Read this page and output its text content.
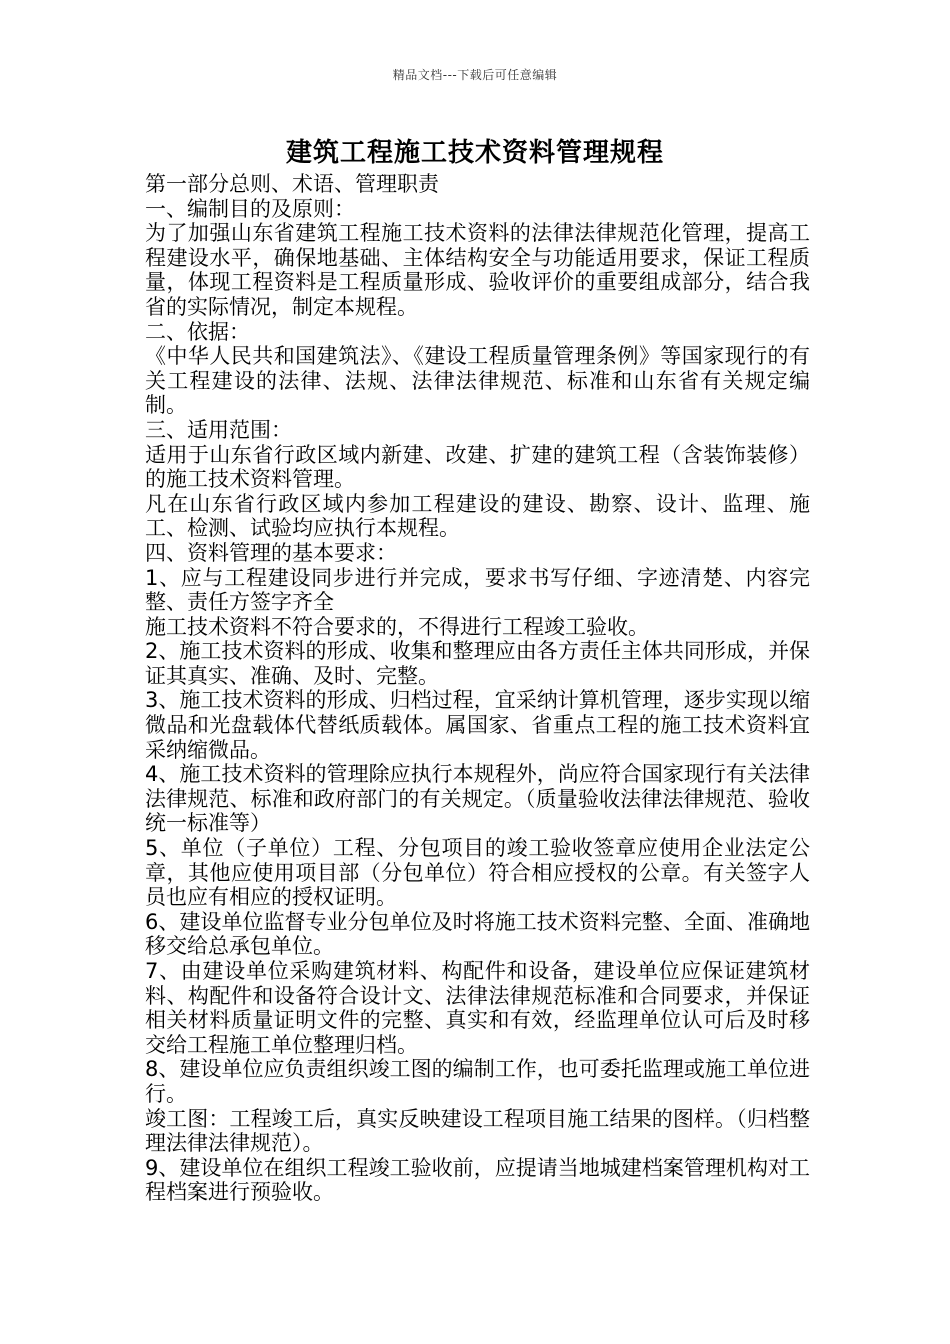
精品文档---下载后可任意编辑
建筑工程施工技术资料管理规程

第一部分总则、术语、管理职责

一、编制目的及原则：

为了加强山东省建筑工程施工技术资料的法律法律规范化管理，提高工程建设水平，确保地基础、主体结构安全与功能适用要求，保证工程质量，体现工程资料是工程质量形成、验收评价的重要组成部分，结合我省的实际情况，制定本规程。

二、依据：

《中华人民共和国建筑法》、《建设工程质量管理条例》等国家现行的有关工程建设的法律、法规、法律法律规范、标准和山东省有关规定编制。

三、适用范围：

适用于山东省行政区域内新建、改建、扩建的建筑工程（含装饰装修）的施工技术资料管理。

凡在山东省行政区域内参加工程建设的建设、勘察、设计、监理、施工、检测、试验均应执行本规程。

四、资料管理的基本要求：

1、应与工程建设同步进行并完成，要求书写仔细、字迹清楚、内容完整、责任方签字齐全

施工技术资料不符合要求的，不得进行工程竣工验收。

2、施工技术资料的形成、收集和整理应由各方责任主体共同形成，并保证其真实、准确、及时、完整。

3、施工技术资料的形成、归档过程，宜采纳计算机管理，逐步实现以缩微品和光盘载体代替纸质载体。属国家、省重点工程的施工技术资料宜采纳缩微品。

4、施工技术资料的管理除应执行本规程外，尚应符合国家现行有关法律法律规范、标准和政府部门的有关规定。（质量验收法律法律规范、验收统一标准等）

5、单位（子单位）工程、分包项目的竣工验收签章应使用企业法定公章，其他应使用项目部（分包单位）符合相应授权的公章。有关签字人员也应有相应的授权证明。

6、建设单位监督专业分包单位及时将施工技术资料完整、全面、准确地移交给总承包单位。

7、由建设单位采购建筑材料、构配件和设备，建设单位应保证建筑材料、构配件和设备符合设计文、法律法律规范标准和合同要求，并保证相关材料质量证明文件的完整、真实和有效，经监理单位认可后及时移交给工程施工单位整理归档。

8、建设单位应负责组织竣工图的编制工作，也可委托监理或施工单位进行。

竣工图：工程竣工后，真实反映建设工程项目施工结果的图样。（归档整理法律法律规范）。

9、建设单位在组织工程竣工验收前，应提请当地城建档案管理机构对工程档案进行预验收。
